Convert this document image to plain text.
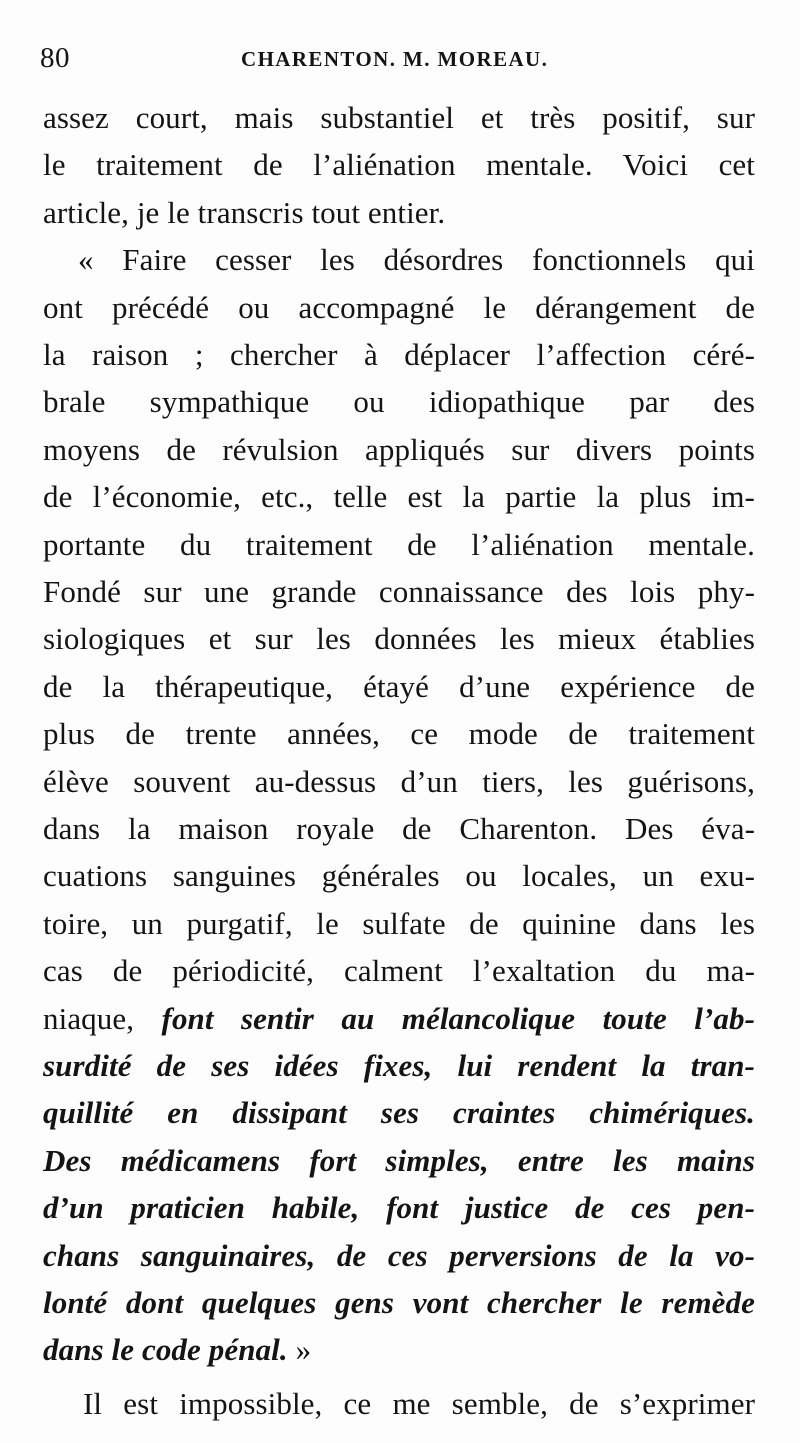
80	CHARENTON. M. MOREAU.
assez court, mais substantiel et très positif, sur
le traitement de l’aliénation mentale. Voici cet
article, je le transcris tout entier.
« Faire cesser les désordres fonctionnels qui
ont précédé ou accompagné le dérangement de
la raison ; chercher à déplacer l’affection céré-
brale sympathique ou idiopathique par des
moyens de révulsion appliqués sur divers points
de l’économie, etc., telle est la partie la plus im-
portante du traitement de l’aliénation mentale.
Fondé sur une grande connaissance des lois phy-
siologiques et sur les données les mieux établies
de la thérapeutique, étayé d’une expérience de
plus de trente années, ce mode de traitement
élève souvent au-dessus d’un tiers, les guérisons,
dans la maison royale de Charenton. Des éva-
cuations sanguines générales ou locales, un exu-
toire, un purgatif, le sulfate de quinine dans les
cas de périodicité, calment l’exaltation du ma-
niaque, font sentir au mélancolique toute l’ab-
surdité de ses idées fixes, lui rendent la tran-
quillité en dissipant ses craintes chimériques.
Des médicamens fort simples, entre les mains
d’un praticien habile, font justice de ces pen-
chans sanguinaires, de ces perversions de la vo-
lonté dont quelques gens vont chercher le remède
dans le code pénal. »
Il est impossible, ce me semble, de s’exprimer
